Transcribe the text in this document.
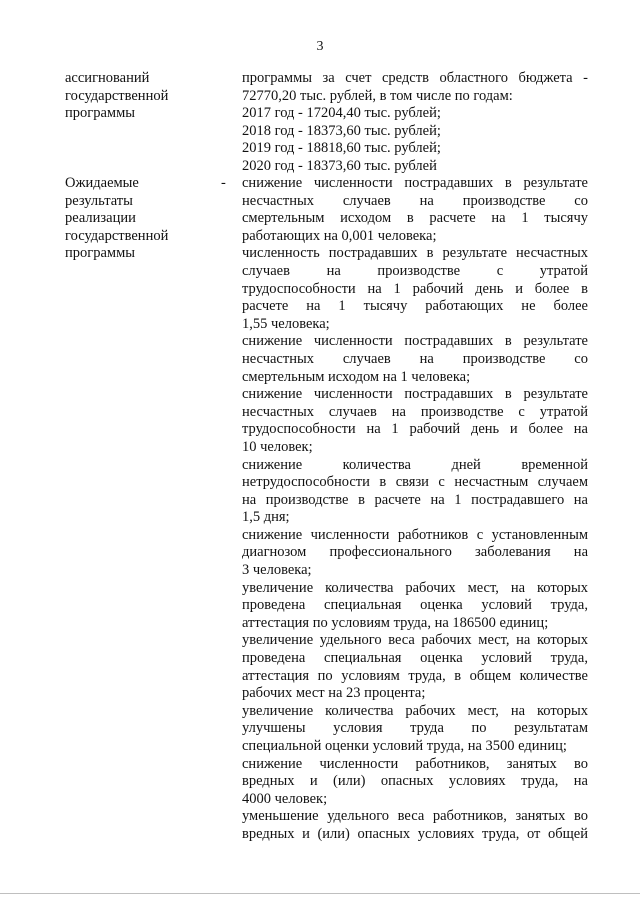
3
ассигнований
государственной
программы
программы за счет средств областного бюджета -
72770,20 тыс. рублей, в том числе по годам:
2017 год - 17204,40 тыс. рублей;
2018 год - 18373,60 тыс. рублей;
2019 год - 18818,60 тыс. рублей;
2020 год - 18373,60 тыс. рублей
Ожидаемые
результаты
реализации
государственной
программы
- снижение численности пострадавших в результате
несчастных случаев на производстве со
смертельным исходом в расчете на 1 тысячу
работающих на 0,001 человека;
численность пострадавших в результате несчастных
случаев на производстве с утратой
трудоспособности на 1 рабочий день и более в
расчете на 1 тысячу работающих не более
1,55 человека;
снижение численности пострадавших в результате
несчастных случаев на производстве со
смертельным исходом на 1 человека;
снижение численности пострадавших в результате
несчастных случаев на производстве с утратой
трудоспособности на 1 рабочий день и более на
10 человек;
снижение количества дней временной
нетрудоспособности в связи с несчастным случаем
на производстве в расчете на 1 пострадавшего на
1,5 дня;
снижение численности работников с установленным
диагнозом профессионального заболевания на
3 человека;
увеличение количества рабочих мест, на которых
проведена специальная оценка условий труда,
аттестация по условиям труда, на 186500 единиц;
увеличение удельного веса рабочих мест, на которых
проведена специальная оценка условий труда,
аттестация по условиям труда, в общем количестве
рабочих мест на 23 процента;
увеличение количества рабочих мест, на которых
улучшены условия труда по результатам
специальной оценки условий труда, на 3500 единиц;
снижение численности работников, занятых во
вредных и (или) опасных условиях труда, на
4000 человек;
уменьшение удельного веса работников, занятых во
вредных и (или) опасных условиях труда, от общей
